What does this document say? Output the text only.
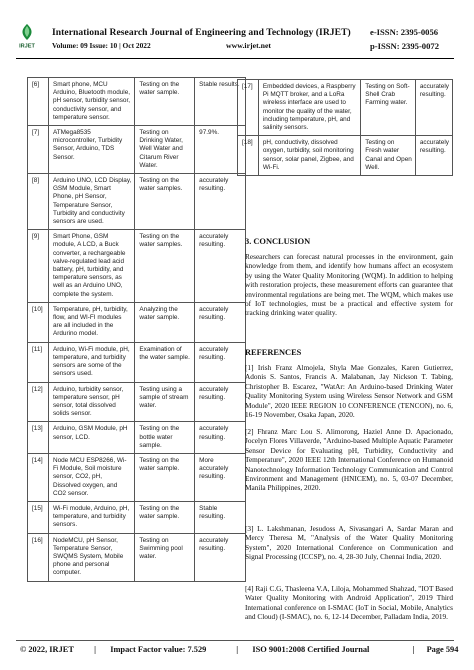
IRJET
International Research Journal of Engineering and Technology (IRJET) e-ISSN: 2395-0056
Volume: 09 Issue: 10 | Oct 2022	www.irjet.net	p-ISSN: 2395-0072
[6]	Smart phone, MCU Arduino, Bluetooth module, pH sensor, turbidity sensor, conductivity sensor, and temperature sensor.	Testing on the water sample.	Stable results.
[7]	ATMega8535 microcontroller, Turbidity Sensor, Arduino, TDS Sensor.	Testing on Drinking Water, Well Water and Citarum River Water.	97.9%.
[8]	Arduino UNO, LCD Display, GSM Module, Smart Phone, pH Sensor, Temperature Sensor, Turbidity and conductivity sensors are used.	Testing on the water samples.	accurately resulting.
[9]	Smart Phone, GSM module, A LCD, a Buck converter, a rechargeable valve-regulated lead acid battery, pH, turbidity, and temperature sensors, as well as an Arduino UNO, complete the system.	Testing on the water samples.	accurately resulting.
[10]	Temperature, pH, turbidity, flow, and WI-FI modules are all included in the Ardurino model.	Analyzing the water sample.	accurately resulting.
[11]	Arduino, Wi-Fi module, pH, temperature, and turbidity sensors are some of the sensors used.	Examination of the water sample.	accurately resulting.
[12]	Arduino, turbidity sensor, temperature sensor, pH sensor, total dissolved solids sensor.	Testing using a sample of stream water.	accurately resulting.
[13]	Arduino, GSM Module, pH sensor, LCD.	Testing on the bottle water sample.	accurately resulting.
[14]	Node MCU ESP8266, Wi-Fi Module, Soil moisture sensor, CO2, pH, Dissolved oxygen, and CO2 sensor.	Testing on the water sample.	More accurately resulting.
[15]	Wi-Fi module, Arduino, pH, temperature, and turbidity sensors.	Testing on the water sample.	Stable resulting.
[16]	NodeMCU, pH Sensor, Temperature Sensor, SWQMS System, Mobile phone and personal computer.	Testing on Swimming pool water.	accurately resulting.
[17]	Embedded devices, a Raspberry Pi MQTT broker, and a LoRa wireless interface are used to monitor the quality of the water, including temperature, pH, and salinity sensors.	Testing on Soft-Shell Crab Farming water.	accurately resulting.
[18]	pH, conductivity, dissolved oxygen, turbidity, soil monitoring sensor, solar panel, Zigbee, and Wi-Fi.	Testing on Fresh water Canal and Open Well.	accurately resulting.
3. CONCLUSION
Researchers can forecast natural processes in the environment, gain knowledge from them, and identify how humans affect an ecosystem by using the Water Quality Monitoring (WQM). In addition to helping with restoration projects, these measurement efforts can guarantee that environmental regulations are being met. The WQM, which makes use of IoT technologies, must be a practical and effective system for tracking drinking water quality.
REFERENCES
[1] Irish Franz Almojela, Shyla Mae Gonzales, Karen Gutierrez, Adonis S. Santos, Francis A. Malabanan, Jay Nickson T. Tabing, Christopher B. Escarez, "WatAr: An Arduino-based Drinking Water Quality Monitoring System using Wireless Sensor Network and GSM Module", 2020 IEEE REGION 10 CONFERENCE (TENCON), no. 6, 16-19 November, Osaka Japan, 2020.
[2] Fhranz Marc Lou S. Alimorong, Haziel Anne D. Apacionado, Jocelyn Flores Villaverde, "Arduino-based Multiple Aquatic Parameter Sensor Device for Evaluating pH, Turbidity, Conductivity and Temperature", 2020 IEEE 12th International Conference on Humanoid Nanotechnology Information Technology Communication and Control Environment and Management (HNICEM), no. 5, 03-07 December, Manila Philippines, 2020.
[3] L. Lakshmanan, Jesudoss A, Sivasangari A, Sardar Maran and Mercy Theresa M, "Analysis of the Water Quality Monitoring System", 2020 International Conference on Communication and Signal Processing (ICCSP), no. 4, 28-30 July, Chennai India, 2020.
[4] Raji C.G, Thasleena V.A, Liloja, Mohammed Shahzad, "IOT Based Water Quality Monitoring with Android Application", 2019 Third International conference on I-SMAC (IoT in Social, Mobile, Analytics and Cloud) (I-SMAC), no. 6, 12-14 December, Palladam India, 2019.
© 2022, IRJET | Impact Factor value: 7.529	| ISO 9001:2008 Certified Journal	| Page 594
